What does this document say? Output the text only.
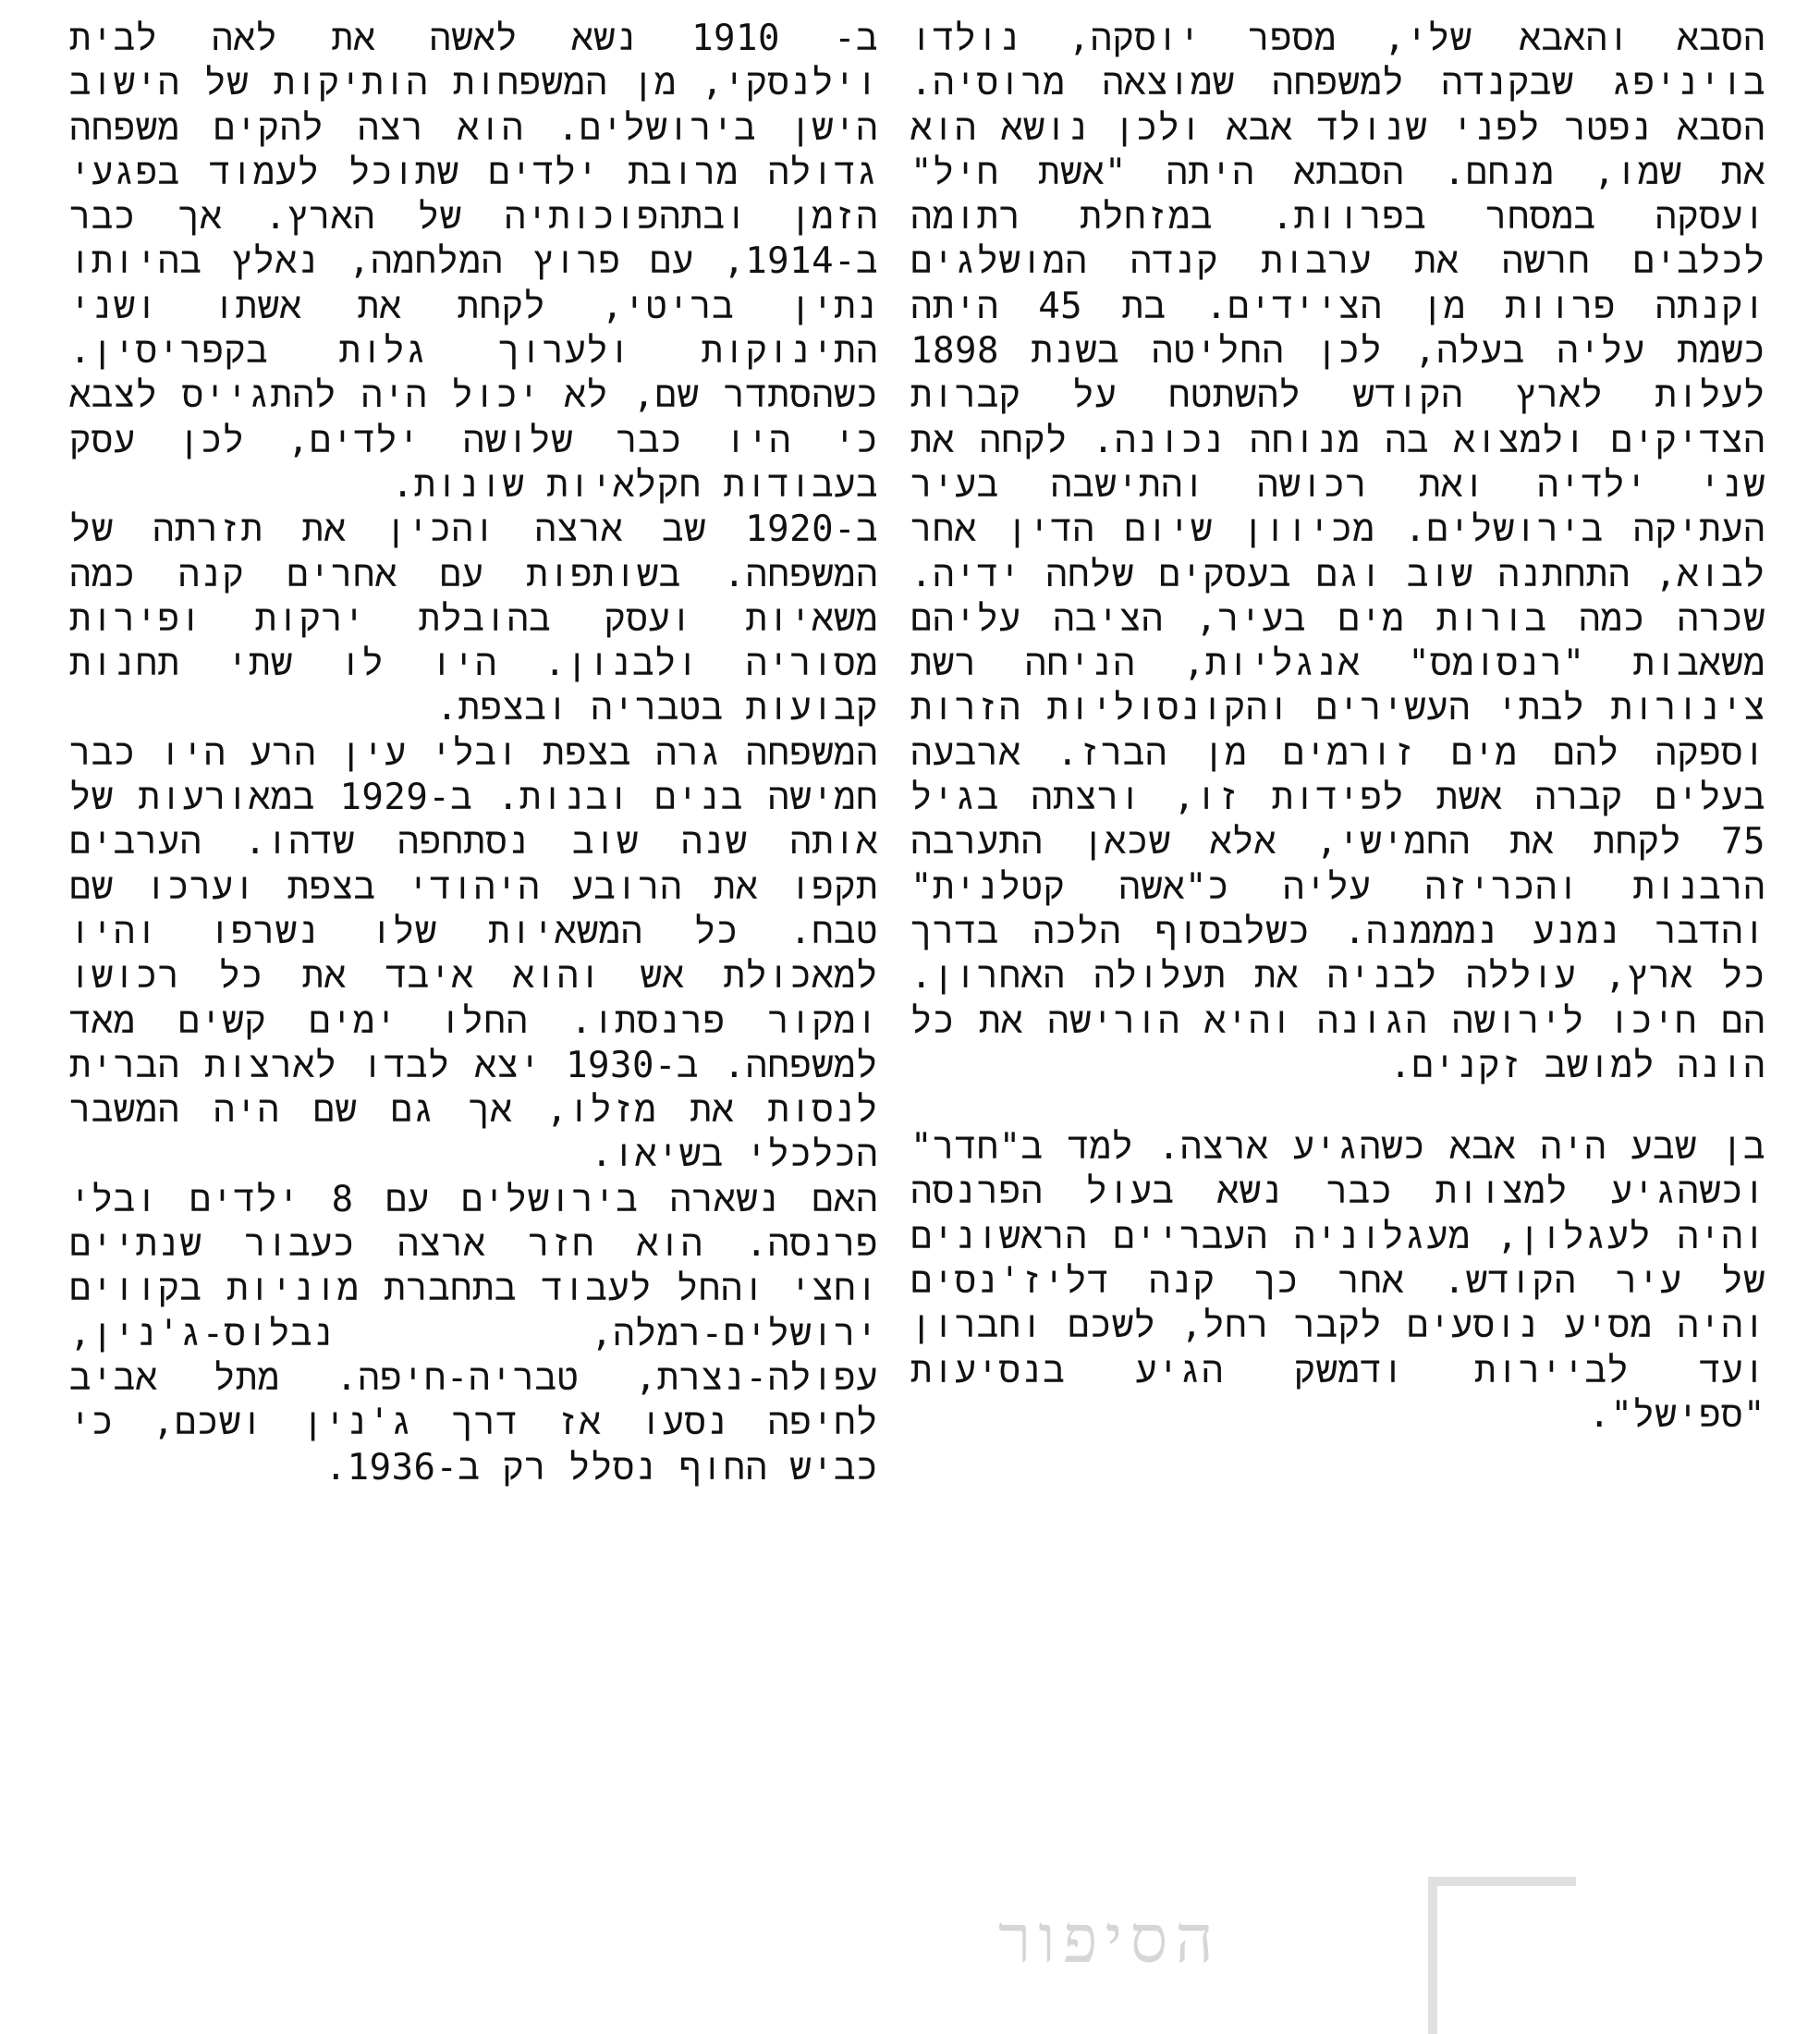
הסבא והאבא שלי, מספר יוסקה, נולדו בויניפג שבקנדה למשפחה שמוצאה מרוסיה. הסבא נפטר לפני שנולד אבא ולכן נושא הוא את שמו, מנחם. הסבתא היתה "אשת חיל" ועסקה במסחר בפרוות. במזחלת רתומה לכלבים חרשה את ערבות קנדה המושלגים וקנתה פרוות מן הציידים. בת 45 היתה כשמת עליה בעלה, לכן החליטה בשנת 1898 לעלות לארץ הקודש להשתטח על קברות הצדיקים ולמצוא בה מנוחה נכונה. לקחה את שני ילדיה ואת רכושה והתישבה בעיר העתיקה בירושלים. מכיוון שיום הדין אחר לבוא, התחתנה שוב וגם בעסקים שלחה ידיה. שכרה כמה בורות מים בעיר, הציבה עליהם משאבות "רנסומס" אנגליות, הניחה רשת צינורות לבתי העשירים והקונסוליות הזרות וספקה להם מים זורמים מן הברז. ארבעה בעלים קברה אשת לפידות זו, ורצתה בגיל 75 לקחת את החמישי, אלא שכאן התערבה הרבנות והכריזה עליה כ"אשה קטלנית" והדבר נמנע נמממנה. כשלבסוף הלכה בדרך כל ארץ, עוללה לבניה את תעלולה האחרון. הם חיכו לירושה הגונה והיא הורישה את כל הונה למושב זקנים.

בן שבע היה אבא כשהגיע ארצה. למד ב"חדר" וכשהגיע למצוות כבר נשא בעול הפרנסה והיה לעגלון, מעגלוניה העבריים הראשונים של עיר הקודש. אחר כך קנה דליז'נסים והיה מסיע נוסעים לקבר רחל, לשכם וחברון ועד לביירות ודמשק הגיע בנסיעות "ספישל".

ב- 1910 נשא לאשה את לאה לבית וילנסקי, מן המשפחות הותיקות של הישוב הישן בירושלים. הוא רצה להקים משפחה גדולה מרובת ילדים שתוכל לעמוד בפגעי הזמן ובתהפוכותיה של הארץ. אך כבר ב-1914, עם פרוץ המלחמה, נאלץ בהיותו נתין בריטי, לקחת את אשתו ושני התינוקות ולערוך גלות בקפריסין. כשהסתדר שם, לא יכול היה להתגייס לצבא כי היו כבר שלושה ילדים, לכן עסק בעבודות חקלאיות שונות.

ב-1920 שב ארצה והכין את תזרתה של המשפחה. בשותפות עם אחרים קנה כמה משאיות ועסק בהובלת ירקות ופירות מסוריה ולבנון. היו לו שתי תחנות קבועות בטבריה ובצפת.

המשפחה גרה בצפת ובלי עין הרע היו כבר חמישה בנים ובנות. ב-1929 במאורעות של אותה שנה שוב נסתחפה שדהו. הערבים תקפו את הרובע היהודי בצפת וערכו שם טבח. כל המשאיות שלו נשרפו והיו למאכולת אש והוא איבד את כל רכושו ומקור פרנסתו. החלו ימים קשים מאד למשפחה. ב-1930 יצא לבדו לארצות הברית לנסות את מזלו, אך גם שם היה המשבר הכלכלי בשיאו.

האם נשארה בירושלים עם 8 ילדים ובלי פרנסה. הוא חזר ארצה כעבור שנתיים וחצי והחל לעבוד בתחברת מוניות בקווים ירושלים-רמלה, נבלוס-ג'נין, עפולה-נצרת, טבריה-חיפה. מתל אביב לחיפה נסעו אז דרך ג'נין ושכם, כי כביש החוף נסלל רק ב-1936.

הסיפור
